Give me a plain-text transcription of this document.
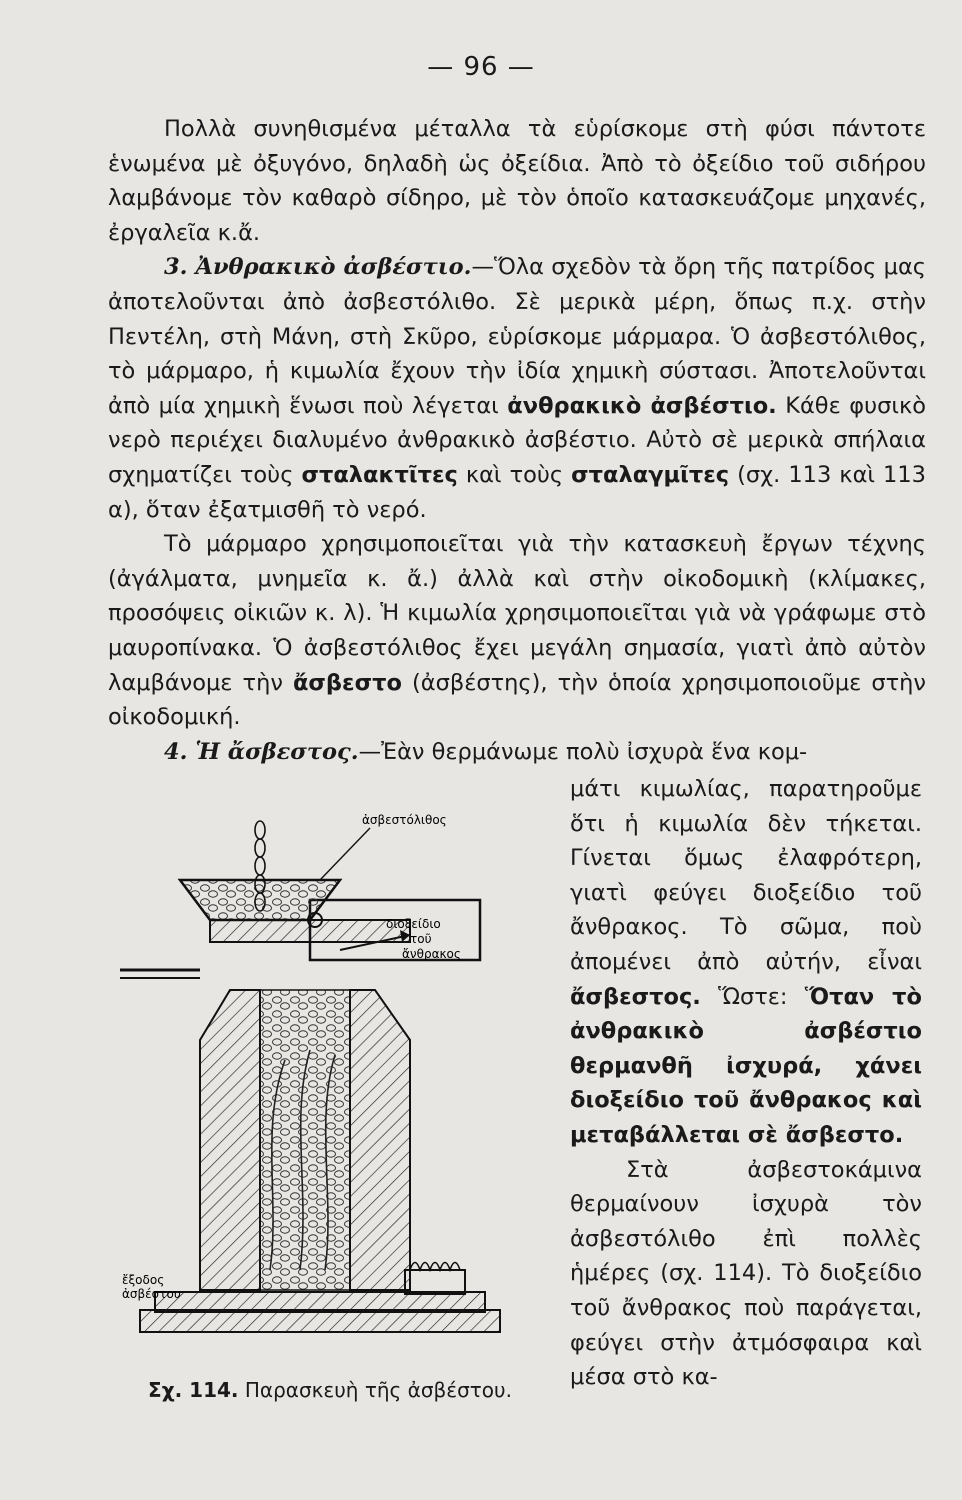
— 96 —

Πολλὰ συνηθισμένα μέταλλα τὰ εὑρίσκομε στὴ φύσι πάντοτε ἑνωμένα μὲ ὀξυγόνο, δηλαδὴ ὡς ὀξείδια. Ἀπὸ τὸ ὀξείδιο τοῦ σιδήρου λαμβάνομε τὸν καθαρὸ σίδηρο, μὲ τὸν ὁποῖο κατασκευάζομε μηχανές, ἐργαλεῖα κ.ἄ.

3. Ἀνθρακικὸ ἀσβέστιο.—Ὅλα σχεδὸν τὰ ὄρη τῆς πατρίδος μας ἀποτελοῦνται ἀπὸ ἀσβεστόλιθο. Σὲ μερικὰ μέρη, ὅπως π.χ. στὴν Πεντέλη, στὴ Μάνη, στὴ Σκῦρο, εὑρίσκομε μάρμαρα. Ὁ ἀσβεστόλιθος, τὸ μάρμαρο, ἡ κιμωλία ἔχουν τὴν ἰδία χημικὴ σύστασι. Ἀποτελοῦνται ἀπὸ μία χημικὴ ἕνωσι ποὺ λέγεται ἀνθρακικὸ ἀσβέστιο. Κάθε φυσικὸ νερὸ περιέχει διαλυμένο ἀνθρακικὸ ἀσβέστιο. Αὐτὸ σὲ μερικὰ σπήλαια σχηματίζει τοὺς σταλακτῖτες καὶ τοὺς σταλαγμῖτες (σχ. 113 καὶ 113 α), ὅταν ἐξατμισθῆ τὸ νερό.

Τὸ μάρμαρο χρησιμοποιεῖται γιὰ τὴν κατασκευὴ ἔργων τέχνης (ἀγάλματα, μνημεῖα κ. ἄ.) ἀλλὰ καὶ στὴν οἰκοδομικὴ (κλίμακες, προσόψεις οἰκιῶν κ. λ). Ἡ κιμωλία χρησιμοποιεῖται γιὰ νὰ γράφωμε στὸ μαυροπίνακα. Ὁ ἀσβεστόλιθος ἔχει μεγάλη σημασία, γιατὶ ἀπὸ αὐτὸν λαμβάνομε τὴν ἄσβεστο (ἀσβέστης), τὴν ὁποία χρησιμοποιοῦμε στὴν οἰκοδομική.

4. Ἡ ἄσβεστος.—Ἐὰν θερμάνωμε πολὺ ἰσχυρὰ ἕνα κομ-

μάτι κιμωλίας, παρατηροῦμε ὅτι ἡ κιμωλία δὲν τήκεται. Γίνεται ὅμως ἐλαφρότερη, γιατὶ φεύγει διοξείδιο τοῦ ἄνθρακος. Τὸ σῶμα, ποὺ ἀπομένει ἀπὸ αὐτήν, εἶναι ἄσβεστος. Ὥστε: Ὅταν τὸ ἀνθρακικὸ ἀσβέστιο θερμανθῆ ἰσχυρά, χάνει διοξείδιο τοῦ ἄνθρακος καὶ μεταβάλλεται σὲ ἄσβεστο.

Στὰ ἀσβεστοκάμινα θερμαίνουν ἰσχυρὰ τὸν ἀσβεστόλιθο ἐπὶ πολλὲς ἡμέρες (σχ. 114). Τὸ διοξείδιο τοῦ ἄνθρακος ποὺ παράγεται, φεύγει στὴν ἀτμόσφαιρα καὶ μέσα στὸ κα-

ἀσβεστόλιθος
διοξείδιο
τοῦ
ἄνθρακος
ἔξοδος
ἀσβέστου
Σχ. 114. Παρασκευὴ τῆς ἀσβέστου.
